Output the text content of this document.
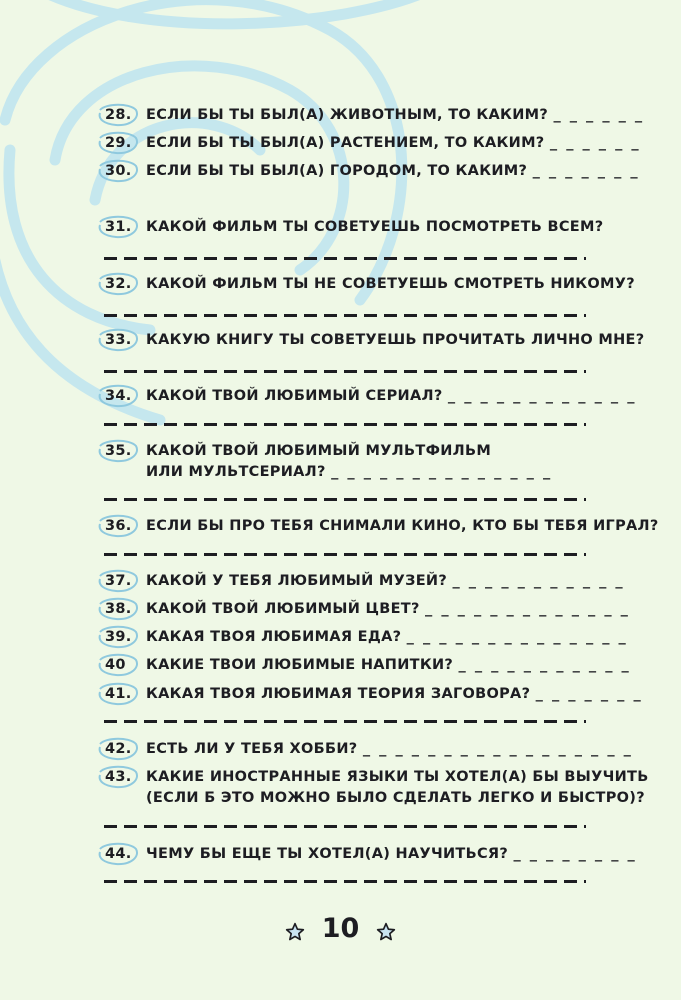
28. ЕСЛИ БЫ ТЫ БЫЛ(А) ЖИВОТНЫМ, ТО КАКИМ? _ _ _ _ _ _
29. ЕСЛИ БЫ ТЫ БЫЛ(А) РАСТЕНИЕМ, ТО КАКИМ? _ _ _ _ _ _
30. ЕСЛИ БЫ ТЫ БЫЛ(А) ГОРОДОМ, ТО КАКИМ? _ _ _ _ _ _ _
31. КАКОЙ ФИЛЬМ ТЫ СОВЕТУЕШЬ ПОСМОТРЕТЬ ВСЕМ?
32. КАКОЙ ФИЛЬМ ТЫ НЕ СОВЕТУЕШЬ СМОТРЕТЬ НИКОМУ?
33. КАКУЮ КНИГУ ТЫ СОВЕТУЕШЬ ПРОЧИТАТЬ ЛИЧНО МНЕ?
34. КАКОЙ ТВОЙ ЛЮБИМЫЙ СЕРИАЛ? _ _ _ _ _ _ _ _ _ _ _ _
35. КАКОЙ ТВОЙ ЛЮБИМЫЙ МУЛЬТФИЛЬМ
ИЛИ МУЛЬТСЕРИАЛ? _ _ _ _ _ _ _ _ _ _ _ _ _ _
36. ЕСЛИ БЫ ПРО ТЕБЯ СНИМАЛИ КИНО, КТО БЫ ТЕБЯ ИГРАЛ?
37. КАКОЙ У ТЕБЯ ЛЮБИМЫЙ МУЗЕЙ? _ _ _ _ _ _ _ _ _ _ _
38. КАКОЙ ТВОЙ ЛЮБИМЫЙ ЦВЕТ? _ _ _ _ _ _ _ _ _ _ _ _ _
39. КАКАЯ ТВОЯ ЛЮБИМАЯ ЕДА? _ _ _ _ _ _ _ _ _ _ _ _ _ _
40 КАКИЕ ТВОИ ЛЮБИМЫЕ НАПИТКИ? _ _ _ _ _ _ _ _ _ _ _
41. КАКАЯ ТВОЯ ЛЮБИМАЯ ТЕОРИЯ ЗАГОВОРА? _ _ _ _ _ _ _
42. ЕСТЬ ЛИ У ТЕБЯ ХОББИ? _ _ _ _ _ _ _ _ _ _ _ _ _ _ _ _ _
43. КАКИЕ ИНОСТРАННЫЕ ЯЗЫКИ ТЫ ХОТЕЛ(А) БЫ ВЫУЧИТЬ
(ЕСЛИ Б ЭТО МОЖНО БЫЛО СДЕЛАТЬ ЛЕГКО И БЫСТРО)?
44. ЧЕМУ БЫ ЕЩЕ ТЫ ХОТЕЛ(А) НАУЧИТЬСЯ? _ _ _ _ _ _ _ _
10
